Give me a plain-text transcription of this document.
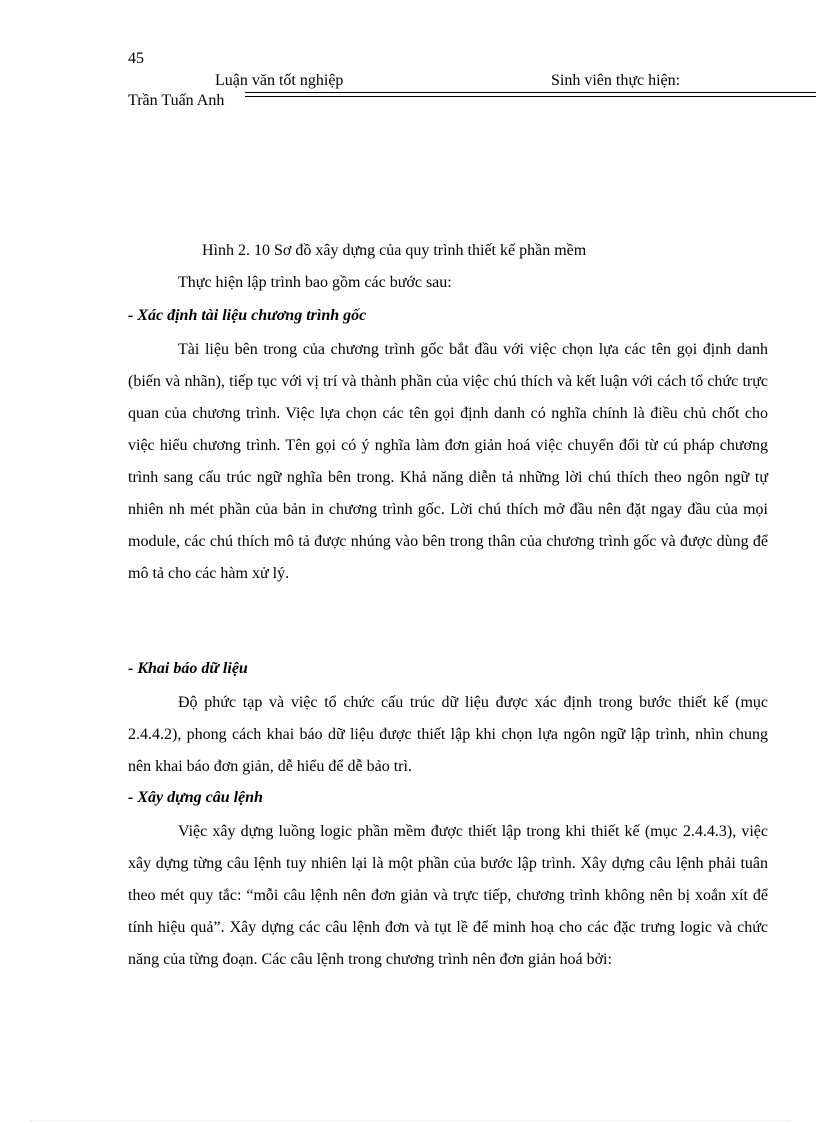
45
Luận văn tốt nghiệp	Sinh viên thực hiện:
Trần Tuấn Anh
Hình 2. 10 Sơ đồ xây dựng của quy trình thiết kế phần mềm
Thực hiện lập trình bao gồm các bước sau:
- Xác định tài liệu chương trình gốc
Tài liệu bên trong của chương trình gốc bắt đầu với việc chọn lựa các tên gọi định danh (biến và nhãn), tiếp tục với vị trí và thành phần của việc chú thích và kết luận với cách tổ chức trực quan của chương trình. Việc lựa chọn các tên gọi định danh có nghĩa chính là điều chủ chốt cho việc hiểu chương trình. Tên gọi có ý nghĩa làm đơn giản hoá việc chuyển đổi từ cú pháp chương trình sang cấu trúc ngữ nghĩa bên trong. Khả năng diễn tả những lời chú thích theo ngôn ngữ tự nhiên nh mét phần của bản in chương trình gốc. Lời chú thích mở đầu nên đặt ngay đầu của mọi module, các chú thích mô tả được nhúng vào bên trong thân của chương trình gốc và được dùng để mô tả cho các hàm xử lý.
- Khai báo dữ liệu
Độ phức tạp và việc tổ chức cấu trúc dữ liệu được xác định trong bước thiết kế (mục 2.4.4.2), phong cách khai báo dữ liệu được thiết lập khi chọn lựa ngôn ngữ lập trình, nhìn chung nên khai báo đơn giản, dễ hiểu để dễ bảo trì.
- Xây dựng câu lệnh
Việc xây dựng luồng logic phần mềm được thiết lập trong khi thiết kế (mục 2.4.4.3), việc xây dựng từng câu lệnh tuy nhiên lại là một phần của bước lập trình. Xây dựng câu lệnh phải tuân theo mét quy tắc: “mỗi câu lệnh nên đơn giản và trực tiếp, chương trình không nên bị xoắn xít để tính hiệu quả”. Xây dựng các câu lệnh đơn và tụt lề để minh hoạ cho các đặc trưng logic và chức năng của từng đoạn. Các câu lệnh trong chương trình nên đơn giản hoá bởi:
